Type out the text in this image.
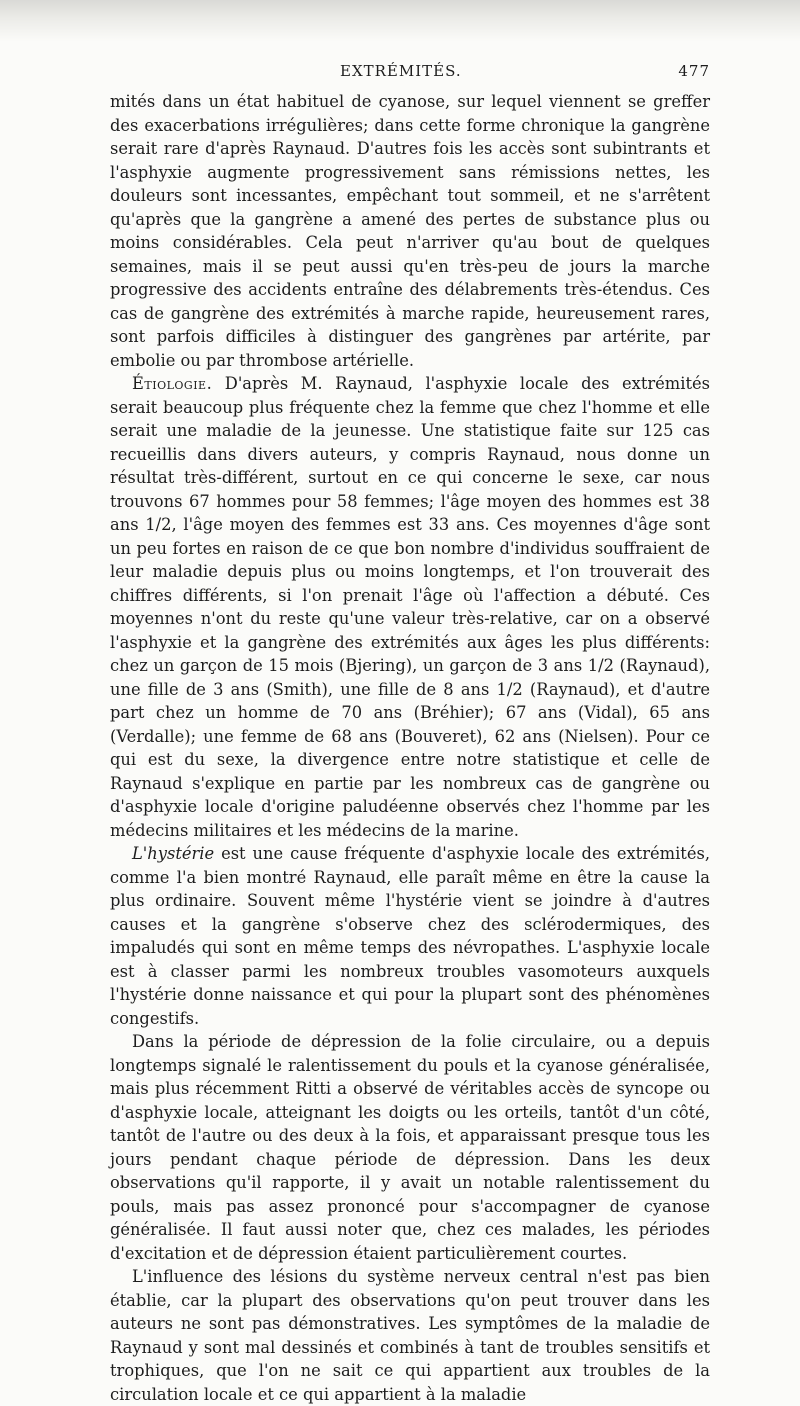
EXTRÉMITÉS.	477

mités dans un état habituel de cyanose, sur lequel viennent se greffer des exacerbations irrégulières; dans cette forme chronique la gangrène serait rare d'après Raynaud. D'autres fois les accès sont subintrants et l'asphyxie augmente progressivement sans rémissions nettes, les douleurs sont incessantes, empêchant tout sommeil, et ne s'arrêtent qu'après que la gangrène a amené des pertes de substance plus ou moins considérables. Cela peut n'arriver qu'au bout de quelques semaines, mais il se peut aussi qu'en très-peu de jours la marche progressive des accidents entraîne des délabrements très-étendus. Ces cas de gangrène des extrémités à marche rapide, heureusement rares, sont parfois difficiles à distinguer des gangrènes par artérite, par embolie ou par thrombose artérielle.

Étiologie. D'après M. Raynaud, l'asphyxie locale des extrémités serait beaucoup plus fréquente chez la femme que chez l'homme et elle serait une maladie de la jeunesse. Une statistique faite sur 125 cas recueillis dans divers auteurs, y compris Raynaud, nous donne un résultat très-différent, surtout en ce qui concerne le sexe, car nous trouvons 67 hommes pour 58 femmes; l'âge moyen des hommes est 38 ans 1/2, l'âge moyen des femmes est 33 ans. Ces moyennes d'âge sont un peu fortes en raison de ce que bon nombre d'individus souffraient de leur maladie depuis plus ou moins longtemps, et l'on trouverait des chiffres différents, si l'on prenait l'âge où l'affection a débuté. Ces moyennes n'ont du reste qu'une valeur très-relative, car on a observé l'asphyxie et la gangrène des extrémités aux âges les plus différents: chez un garçon de 15 mois (Bjering), un garçon de 3 ans 1/2 (Raynaud), une fille de 3 ans (Smith), une fille de 8 ans 1/2 (Raynaud), et d'autre part chez un homme de 70 ans (Bréhier); 67 ans (Vidal), 65 ans (Verdalle); une femme de 68 ans (Bouveret), 62 ans (Nielsen). Pour ce qui est du sexe, la divergence entre notre statistique et celle de Raynaud s'explique en partie par les nombreux cas de gangrène ou d'asphyxie locale d'origine paludéenne observés chez l'homme par les médecins militaires et les médecins de la marine.

L'hystérie est une cause fréquente d'asphyxie locale des extrémités, comme l'a bien montré Raynaud, elle paraît même en être la cause la plus ordinaire. Souvent même l'hystérie vient se joindre à d'autres causes et la gangrène s'observe chez des sclérodermiques, des impaludés qui sont en même temps des névropathes. L'asphyxie locale est à classer parmi les nombreux troubles vasomoteurs auxquels l'hystérie donne naissance et qui pour la plupart sont des phénomènes congestifs.

Dans la période de dépression de la folie circulaire, ou a depuis longtemps signalé le ralentissement du pouls et la cyanose généralisée, mais plus récemment Ritti a observé de véritables accès de syncope ou d'asphyxie locale, atteignant les doigts ou les orteils, tantôt d'un côté, tantôt de l'autre ou des deux à la fois, et apparaissant presque tous les jours pendant chaque période de dépression. Dans les deux observations qu'il rapporte, il y avait un notable ralentissement du pouls, mais pas assez prononcé pour s'accompagner de cyanose généralisée. Il faut aussi noter que, chez ces malades, les périodes d'excitation et de dépression étaient particulièrement courtes.

L'influence des lésions du système nerveux central n'est pas bien établie, car la plupart des observations qu'on peut trouver dans les auteurs ne sont pas démonstratives. Les symptômes de la maladie de Raynaud y sont mal dessinés et combinés à tant de troubles sensitifs et trophiques, que l'on ne sait ce qui appartient aux troubles de la circulation locale et ce qui appartient à la maladie
